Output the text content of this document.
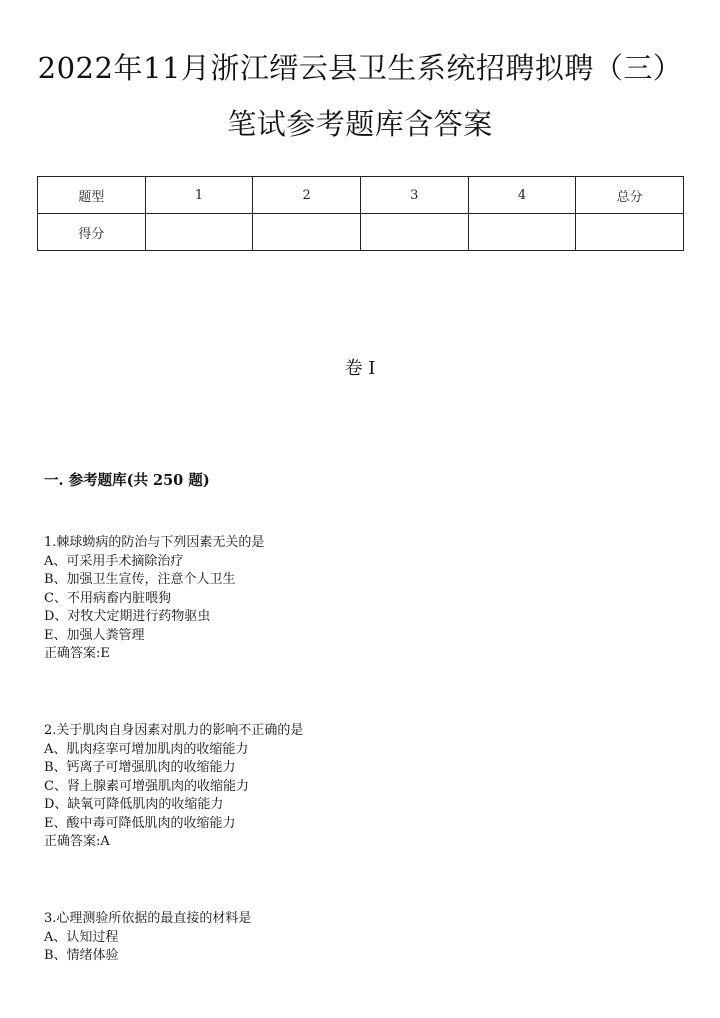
2022年11月浙江缙云县卫生系统招聘拟聘（三）
笔试参考题库含答案
题型	1	2	3	4	总分
得分					
卷 I
一. 参考题库(共 250 题)
1.棘球蚴病的防治与下列因素无关的是
A、可采用手术摘除治疗
B、加强卫生宣传，注意个人卫生
C、不用病畜内脏喂狗
D、对牧犬定期进行药物驱虫
E、加强人粪管理
正确答案:E
2.关于肌肉自身因素对肌力的影响不正确的是
A、肌肉痉挛可增加肌肉的收缩能力
B、钙离子可增强肌肉的收缩能力
C、肾上腺素可增强肌肉的收缩能力
D、缺氧可降低肌肉的收缩能力
E、酸中毒可降低肌肉的收缩能力
正确答案:A
3.心理测验所依据的最直接的材料是
A、认知过程
B、情绪体验
